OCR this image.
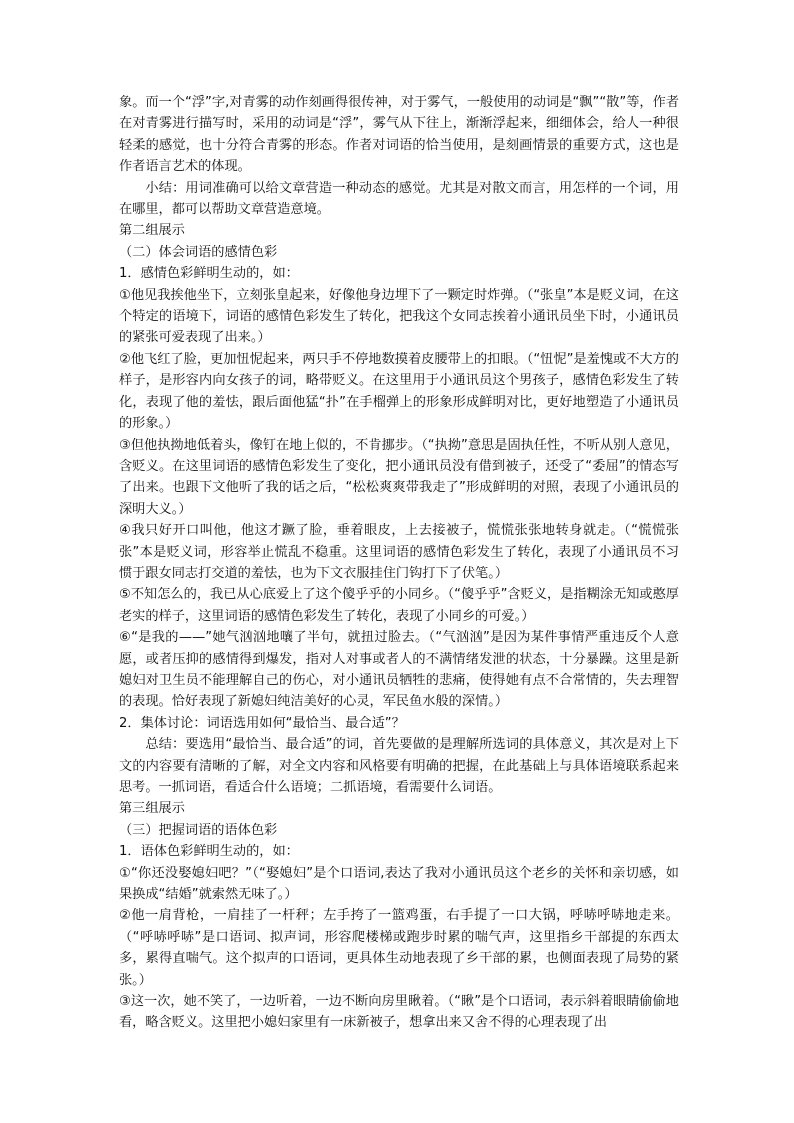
象。而一个“浮”字,对青雾的动作刻画得很传神，对于雾气，一般使用的动词是“飘”“散”等，作者在对青雾进行描写时，采用的动词是“浮”，雾气从下往上，渐渐浮起来，细细体会，给人一种很轻柔的感觉，也十分符合青雾的形态。作者对词语的恰当使用，是刻画情景的重要方式，这也是作者语言艺术的体现。

小结：用词准确可以给文章营造一种动态的感觉。尤其是对散文而言，用怎样的一个词，用在哪里，都可以帮助文章营造意境。

第二组展示

（二）体会词语的感情色彩

1．感情色彩鲜明生动的，如：

①他见我挨他坐下，立刻张皇起来，好像他身边埋下了一颗定时炸弹。（“张皇”本是贬义词，在这个特定的语境下，词语的感情色彩发生了转化，把我这个女同志挨着小通讯员坐下时，小通讯员的紧张可爱表现了出来。）

②他飞红了脸，更加忸怩起来，两只手不停地数摸着皮腰带上的扣眼。（“忸怩”是羞愧或不大方的样子，是形容内向女孩子的词，略带贬义。在这里用于小通讯员这个男孩子，感情色彩发生了转化，表现了他的羞怯，跟后面他猛“扑”在手榴弹上的形象形成鲜明对比，更好地塑造了小通讯员的形象。）

③但他执拗地低着头，像钉在地上似的，不肯挪步。（“执拗”意思是固执任性，不听从别人意见，含贬义。在这里词语的感情色彩发生了变化，把小通讯员没有借到被子，还受了“委屈”的情态写了出来。也跟下文他听了我的话之后，“松松爽爽带我走了”形成鲜明的对照，表现了小通讯员的深明大义。）

④我只好开口叫他，他这才蹶了脸，垂着眼皮，上去接被子，慌慌张张地转身就走。（“慌慌张张”本是贬义词，形容举止慌乱不稳重。这里词语的感情色彩发生了转化，表现了小通讯员不习惯于跟女同志打交道的羞怯，也为下文衣服挂住门钩打下了伏笔。）

⑤不知怎么的，我已从心底爱上了这个傻乎乎的小同乡。（“傻乎乎”含贬义，是指糊涂无知或憨厚老实的样子，这里词语的感情色彩发生了转化，表现了小同乡的可爱。）

⑥“是我的——”她气汹汹地嚷了半句，就扭过脸去。（“气汹汹”是因为某件事情严重违反个人意愿，或者压抑的感情得到爆发，指对人对事或者人的不满情绪发泄的状态，十分暴躁。这里是新媳妇对卫生员不能理解自己的伤心，对小通讯员牺牲的悲痛，使得她有点不合常情的，失去理智的表现。恰好表现了新媳妇纯洁美好的心灵，军民鱼水般的深情。）

2．集体讨论：词语选用如何“最恰当、最合适”？

总结：要选用“最恰当、最合适”的词，首先要做的是理解所选词的具体意义，其次是对上下文的内容要有清晰的了解，对全文内容和风格要有明确的把握，在此基础上与具体语境联系起来思考。一抓词语，看适合什么语境；二抓语境，看需要什么词语。

第三组展示

（三）把握词语的语体色彩

1．语体色彩鲜明生动的，如：

①“你还没娶媳妇吧？”（“娶媳妇”是个口语词,表达了我对小通讯员这个老乡的关怀和亲切感，如果换成“结婚”就索然无味了。）

②他一肩背枪，一肩挂了一杆秤；左手挎了一篮鸡蛋，右手提了一口大锅，呼哧呼哧地走来。（“呼哧呼哧”是口语词、拟声词，形容爬楼梯或跑步时累的喘气声，这里指乡干部提的东西太多，累得直喘气。这个拟声的口语词，更具体生动地表现了乡干部的累，也侧面表现了局势的紧张。）

③这一次，她不笑了，一边听着，一边不断向房里瞅着。（“瞅”是个口语词，表示斜着眼睛偷偷地看，略含贬义。这里把小媳妇家里有一床新被子，想拿出来又舍不得的心理表现了出
